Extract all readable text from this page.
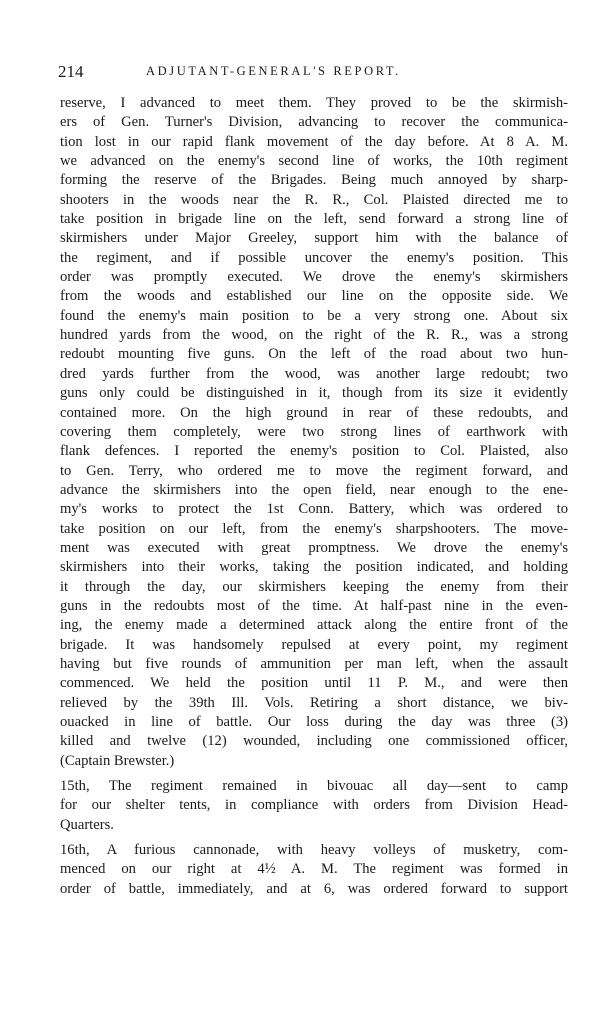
214	ADJUTANT-GENERAL'S REPORT.
reserve, I advanced to meet them. They proved to be the skirmish-
ers of Gen. Turner's Division, advancing to recover the communica-
tion lost in our rapid flank movement of the day before. At 8 A. M.
we advanced on the enemy's second line of works, the 10th regiment
forming the reserve of the Brigades. Being much annoyed by sharp-
shooters in the woods near the R. R., Col. Plaisted directed me to
take position in brigade line on the left, send forward a strong line of
skirmishers under Major Greeley, support him with the balance of
the regiment, and if possible uncover the enemy's position. This
order was promptly executed. We drove the enemy's skirmishers
from the woods and established our line on the opposite side. We
found the enemy's main position to be a very strong one. About six
hundred yards from the wood, on the right of the R. R., was a strong
redoubt mounting five guns. On the left of the road about two hun-
dred yards further from the wood, was another large redoubt; two
guns only could be distinguished in it, though from its size it evidently
contained more. On the high ground in rear of these redoubts, and
covering them completely, were two strong lines of earthwork with
flank defences. I reported the enemy's position to Col. Plaisted, also
to Gen. Terry, who ordered me to move the regiment forward, and
advance the skirmishers into the open field, near enough to the ene-
my's works to protect the 1st Conn. Battery, which was ordered to
take position on our left, from the enemy's sharpshooters. The move-
ment was executed with great promptness. We drove the enemy's
skirmishers into their works, taking the position indicated, and holding
it through the day, our skirmishers keeping the enemy from their
guns in the redoubts most of the time. At half-past nine in the even-
ing, the enemy made a determined attack along the entire front of the
brigade. It was handsomely repulsed at every point, my regiment
having but five rounds of ammunition per man left, when the assault
commenced. We held the position until 11 P. M., and were then
relieved by the 39th Ill. Vols. Retiring a short distance, we biv-
ouacked in line of battle. Our loss during the day was three (3)
killed and twelve (12) wounded, including one commissioned officer,
(Captain Brewster.)
15th, The regiment remained in bivouac all day—sent to camp
for our shelter tents, in compliance with orders from Division Head-
Quarters.
16th, A furious cannonade, with heavy volleys of musketry, com-
menced on our right at 4½ A. M. The regiment was formed in
order of battle, immediately, and at 6, was ordered forward to support
